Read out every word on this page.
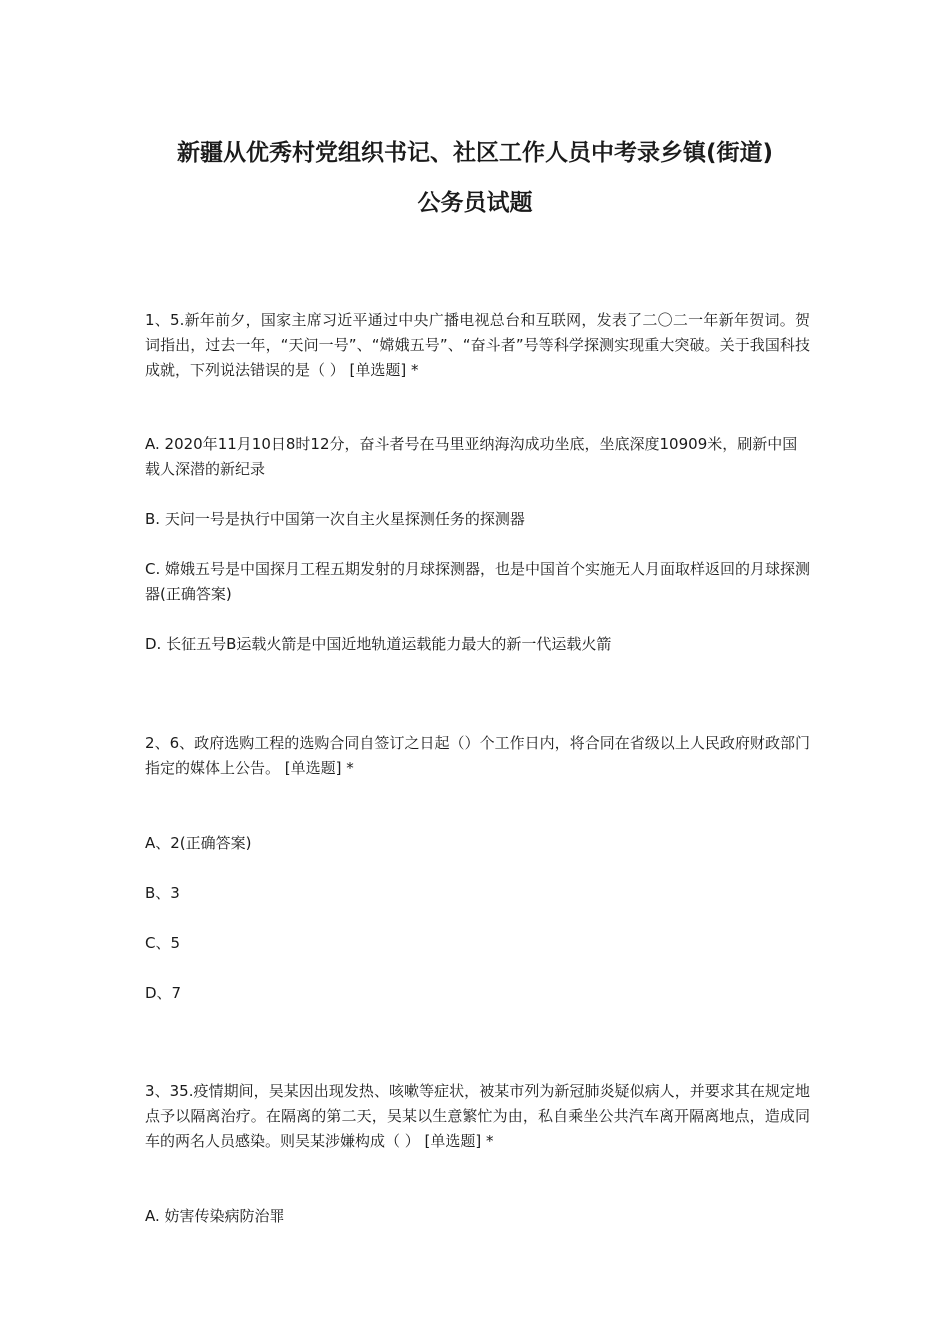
新疆从优秀村党组织书记、社区工作人员中考录乡镇(街道)
公务员试题

1、5.新年前夕，国家主席习近平通过中央广播电视总台和互联网，发表了二〇二一年新年贺词。贺词指出，过去一年，“天问一号”、“嫦娥五号”、“奋斗者”号等科学探测实现重大突破。关于我国科技成就，下列说法错误的是（ ） [单选题] *

A. 2020年11月10日8时12分，奋斗者号在马里亚纳海沟成功坐底，坐底深度10909米，刷新中国载人深潜的新纪录

B. 天问一号是执行中国第一次自主火星探测任务的探测器

C. 嫦娥五号是中国探月工程五期发射的月球探测器，也是中国首个实施无人月面取样返回的月球探测器(正确答案)

D. 长征五号B运载火箭是中国近地轨道运载能力最大的新一代运载火箭

2、6、政府选购工程的选购合同自签订之日起（）个工作日内，将合同在省级以上人民政府财政部门指定的媒体上公告。 [单选题] *

A、2(正确答案)

B、3

C、5

D、7

3、35.疫情期间，吴某因出现发热、咳嗽等症状，被某市列为新冠肺炎疑似病人，并要求其在规定地点予以隔离治疗。在隔离的第二天，吴某以生意繁忙为由，私自乘坐公共汽车离开隔离地点，造成同车的两名人员感染。则吴某涉嫌构成（ ） [单选题] *

A. 妨害传染病防治罪
